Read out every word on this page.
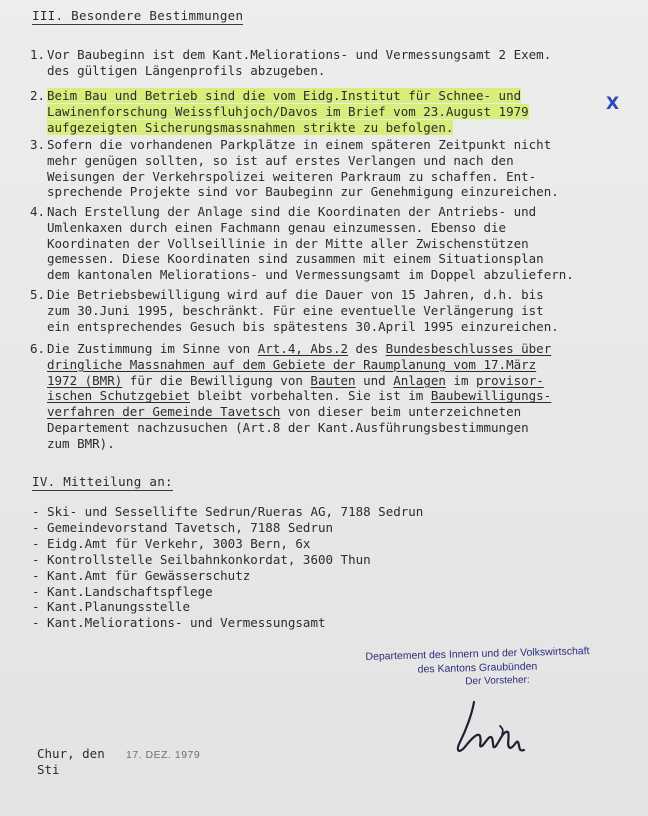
III. Besondere Bestimmungen
1. Vor Baubeginn ist dem Kant.Meliorations- und Vermessungsamt 2 Exem.
des gültigen Längenprofils abzugeben.
2. Beim Bau und Betrieb sind die vom Eidg.Institut für Schnee- und
Lawinenforschung Weissfluhjoch/Davos im Brief vom 23.August 1979
aufgezeigten Sicherungsmassnahmen strikte zu befolgen.
X
3. Sofern die vorhandenen Parkplätze in einem späteren Zeitpunkt nicht
mehr genügen sollten, so ist auf erstes Verlangen und nach den
Weisungen der Verkehrspolizei weiteren Parkraum zu schaffen. Ent-
sprechende Projekte sind vor Baubeginn zur Genehmigung einzureichen.
4. Nach Erstellung der Anlage sind die Koordinaten der Antriebs- und
Umlenkaxen durch einen Fachmann genau einzumessen. Ebenso die
Koordinaten der Vollseillinie in der Mitte aller Zwischenstützen
gemessen. Diese Koordinaten sind zusammen mit einem Situationsplan
dem kantonalen Meliorations- und Vermessungsamt im Doppel abzuliefern.
5. Die Betriebsbewilligung wird auf die Dauer von 15 Jahren, d.h. bis
zum 30.Juni 1995, beschränkt. Für eine eventuelle Verlängerung ist
ein entsprechendes Gesuch bis spätestens 30.April 1995 einzureichen.
6. Die Zustimmung im Sinne von Art.4, Abs.2 des Bundesbeschlusses über
dringliche Massnahmen auf dem Gebiete der Raumplanung vom 17.März
1972 (BMR) für die Bewilligung von Bauten und Anlagen im provisor-
ischen Schutzgebiet bleibt vorbehalten. Sie ist im Baubewilligungs-
verfahren der Gemeinde Tavetsch von dieser beim unterzeichneten
Departement nachzusuchen (Art.8 der Kant.Ausführungsbestimmungen
zum BMR).
IV. Mitteilung an:
- Ski- und Sessellifte Sedrun/Rueras AG, 7188 Sedrun
- Gemeindevorstand Tavetsch, 7188 Sedrun
- Eidg.Amt für Verkehr, 3003 Bern, 6x
- Kontrollstelle Seilbahnkonkordat, 3600 Thun
- Kant.Amt für Gewässerschutz
- Kant.Landschaftspflege
- Kant.Planungsstelle
- Kant.Meliorations- und Vermessungsamt
Departement des Innern und der Volkswirtschaft
des Kantons Graubünden
Der Vorsteher:
Chur, den
Sti
17. DEZ. 1979
